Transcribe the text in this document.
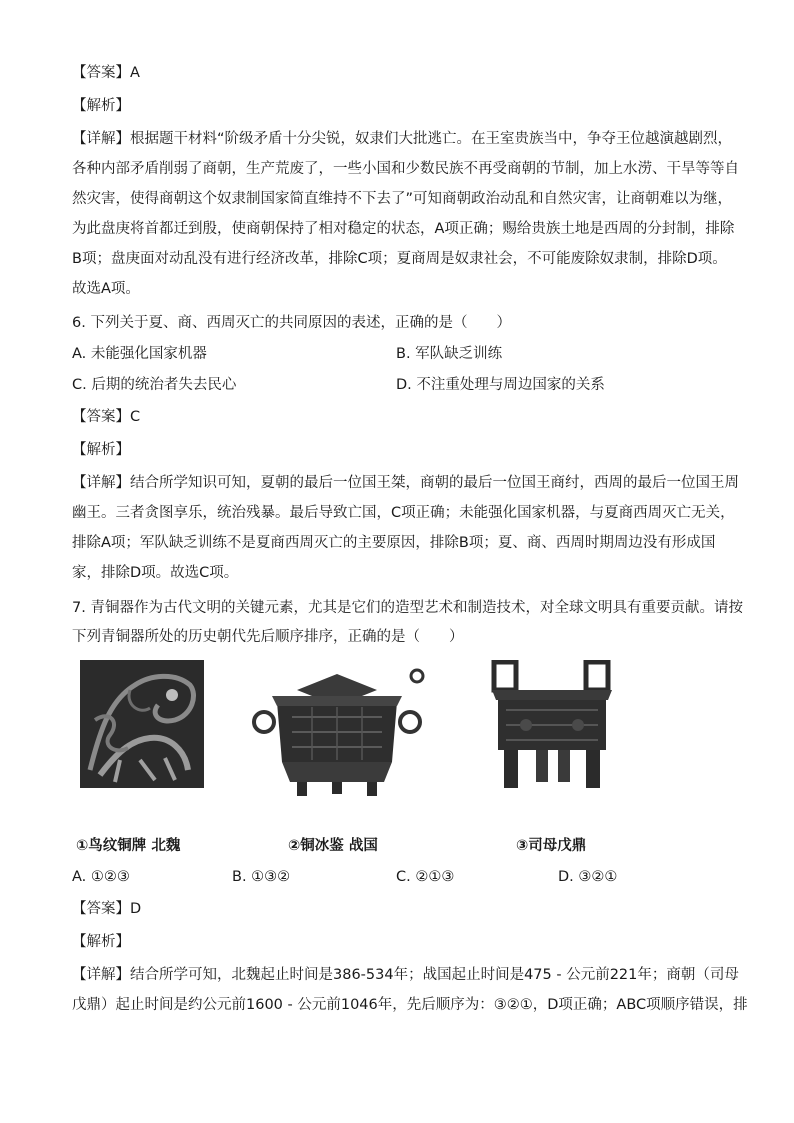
【答案】A
【解析】
【详解】根据题干材料“阶级矛盾十分尖锐，奴隶们大批逃亡。在王室贵族当中，争夺王位越演越剧烈，
各种内部矛盾削弱了商朝，生产荒废了，一些小国和少数民族不再受商朝的节制，加上水涝、干旱等等自
然灾害，使得商朝这个奴隶制国家简直维持不下去了”可知商朝政治动乱和自然灾害，让商朝难以为继，
为此盘庚将首都迁到殷，使商朝保持了相对稳定的状态，A项正确；赐给贵族土地是西周的分封制，排除
B项；盘庚面对动乱没有进行经济改革，排除C项；夏商周是奴隶社会，不可能废除奴隶制，排除D项。
故选A项。
6. 下列关于夏、商、西周灭亡的共同原因的表述，正确的是（　　）
A. 未能强化国家机器	B. 军队缺乏训练
C. 后期的统治者失去民心	D. 不注重处理与周边国家的关系
【答案】C
【解析】
【详解】结合所学知识可知，夏朝的最后一位国王桀，商朝的最后一位国王商纣，西周的最后一位国王周
幽王。三者贪图享乐，统治残暴。最后导致亡国，C项正确；未能强化国家机器，与夏商西周灭亡无关，
排除A项；军队缺乏训练不是夏商西周灭亡的主要原因，排除B项；夏、商、西周时期周边没有形成国
家，排除D项。故选C项。
7. 青铜器作为古代文明的关键元素，尤其是它们的造型艺术和制造技术，对全球文明具有重要贡献。请按
下列青铜器所处的历史朝代先后顺序排序，正确的是（　　）
①鸟纹铜牌 北魏	②铜冰鉴 战国	③司母戊鼎
A. ①②③	B. ①③②	C. ②①③	D. ③②①
【答案】D
【解析】
【详解】结合所学可知，北魏起止时间是386-534年；战国起止时间是475 - 公元前221年；商朝（司母
戊鼎）起止时间是约公元前1600 - 公元前1046年，先后顺序为：③②①，D项正确；ABC项顺序错误，排
